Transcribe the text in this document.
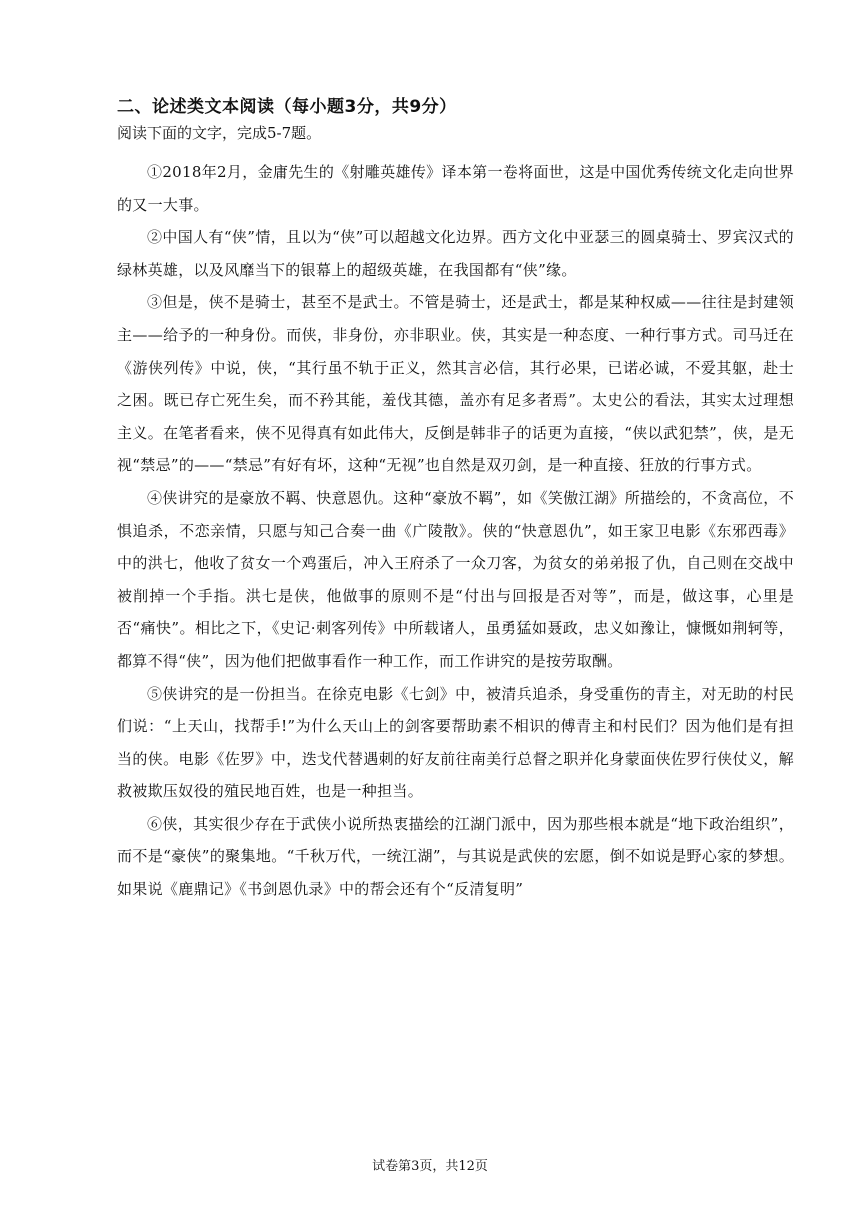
二、论述类文本阅读（每小题3分，共9分）

阅读下面的文字，完成5-7题。

①2018年2月，金庸先生的《射雕英雄传》译本第一卷将面世，这是中国优秀传统文化走向世界的又一大事。

②中国人有“侠”情，且以为“侠”可以超越文化边界。西方文化中亚瑟三的圆桌骑士、罗宾汉式的绿林英雄，以及风靡当下的银幕上的超级英雄，在我国都有“侠”缘。

③但是，侠不是骑士，甚至不是武士。不管是骑士，还是武士，都是某种权威——往往是封建领主——给予的一种身份。而侠，非身份，亦非职业。侠，其实是一种态度、一种行事方式。司马迁在《游侠列传》中说，侠，“其行虽不轨于正义，然其言必信，其行必果，已诺必诚，不爱其躯，赴士之困。既已存亡死生矣，而不矜其能，羞伐其德，盖亦有足多者焉”。太史公的看法，其实太过理想主义。在笔者看来，侠不见得真有如此伟大，反倒是韩非子的话更为直接，“侠以武犯禁”，侠，是无视“禁忌”的——“禁忌”有好有坏，这种“无视”也自然是双刃剑，是一种直接、狂放的行事方式。

④侠讲究的是豪放不羁、快意恩仇。这种“豪放不羁”，如《笑傲江湖》所描绘的，不贪高位，不惧追杀，不恋亲情，只愿与知己合奏一曲《广陵散》。侠的“快意恩仇”，如王家卫电影《东邪西毒》中的洪七，他收了贫女一个鸡蛋后，冲入王府杀了一众刀客，为贫女的弟弟报了仇，自己则在交战中被削掉一个手指。洪七是侠，他做事的原则不是“付出与回报是否对等”，而是，做这事，心里是否“痛快”。相比之下，《史记·刺客列传》中所载诸人，虽勇猛如聂政，忠义如豫让，慷慨如荆轲等，都算不得“侠”，因为他们把做事看作一种工作，而工作讲究的是按劳取酬。

⑤侠讲究的是一份担当。在徐克电影《七剑》中，被清兵追杀，身受重伤的青主，对无助的村民们说：“上天山，找帮手!”为什么天山上的剑客要帮助素不相识的傅青主和村民们？因为他们是有担当的侠。电影《佐罗》中，迭戈代替遇刺的好友前往南美行总督之职并化身蒙面侠佐罗行侠仗义，解救被欺压奴役的殖民地百姓，也是一种担当。

⑥侠，其实很少存在于武侠小说所热衷描绘的江湖门派中，因为那些根本就是“地下政治组织”，而不是“豪侠”的聚集地。“千秋万代，一统江湖”，与其说是武侠的宏愿，倒不如说是野心家的梦想。如果说《鹿鼎记》《书剑恩仇录》中的帮会还有个“反清复明”

试卷第3页，共12页
